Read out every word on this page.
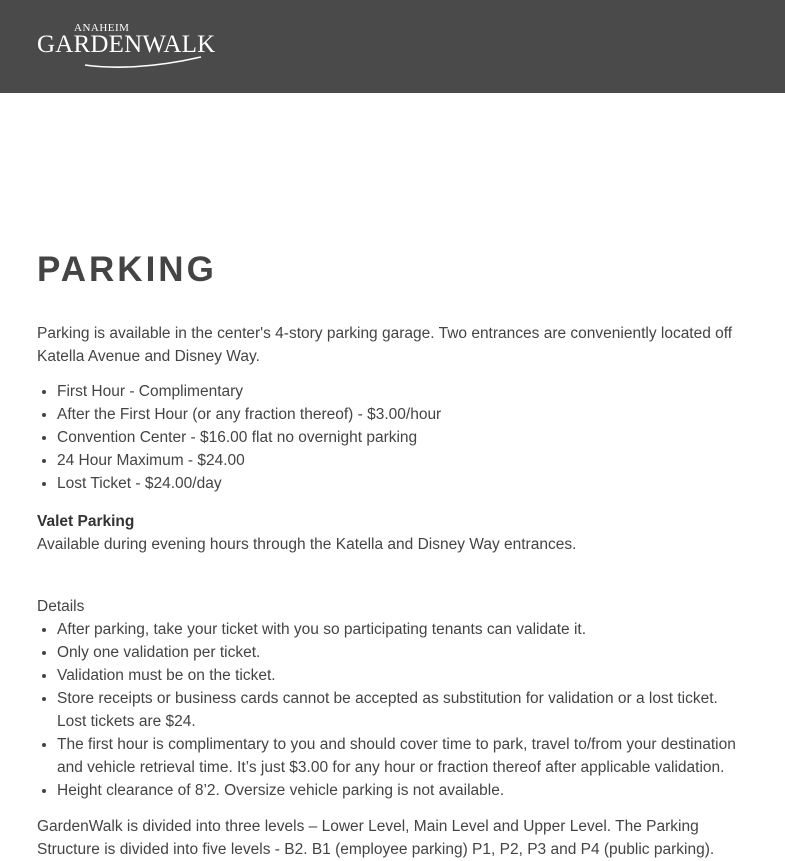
ANAHEIM
GARDENWALK
PARKING

Parking is available in the center's 4-story parking garage. Two entrances are conveniently located off Katella Avenue and Disney Way.

• First Hour - Complimentary
• After the First Hour (or any fraction thereof) - $3.00/hour
• Convention Center - $16.00 flat no overnight parking
• 24 Hour Maximum - $24.00
• Lost Ticket - $24.00/day

Valet Parking

Available during evening hours through the Katella and Disney Way entrances.

Details

• After parking, take your ticket with you so participating tenants can validate it.
• Only one validation per ticket.
• Validation must be on the ticket.
• Store receipts or business cards cannot be accepted as substitution for validation or a lost ticket. Lost tickets are $24.
• The first hour is complimentary to you and should cover time to park, travel to/from your destination and vehicle retrieval time. It’s just $3.00 for any hour or fraction thereof after applicable validation.
• Height clearance of 8’2. Oversize vehicle parking is not available.

GardenWalk is divided into three levels – Lower Level, Main Level and Upper Level. The Parking Structure is divided into five levels - B2. B1 (employee parking) P1, P2, P3 and P4 (public parking).
